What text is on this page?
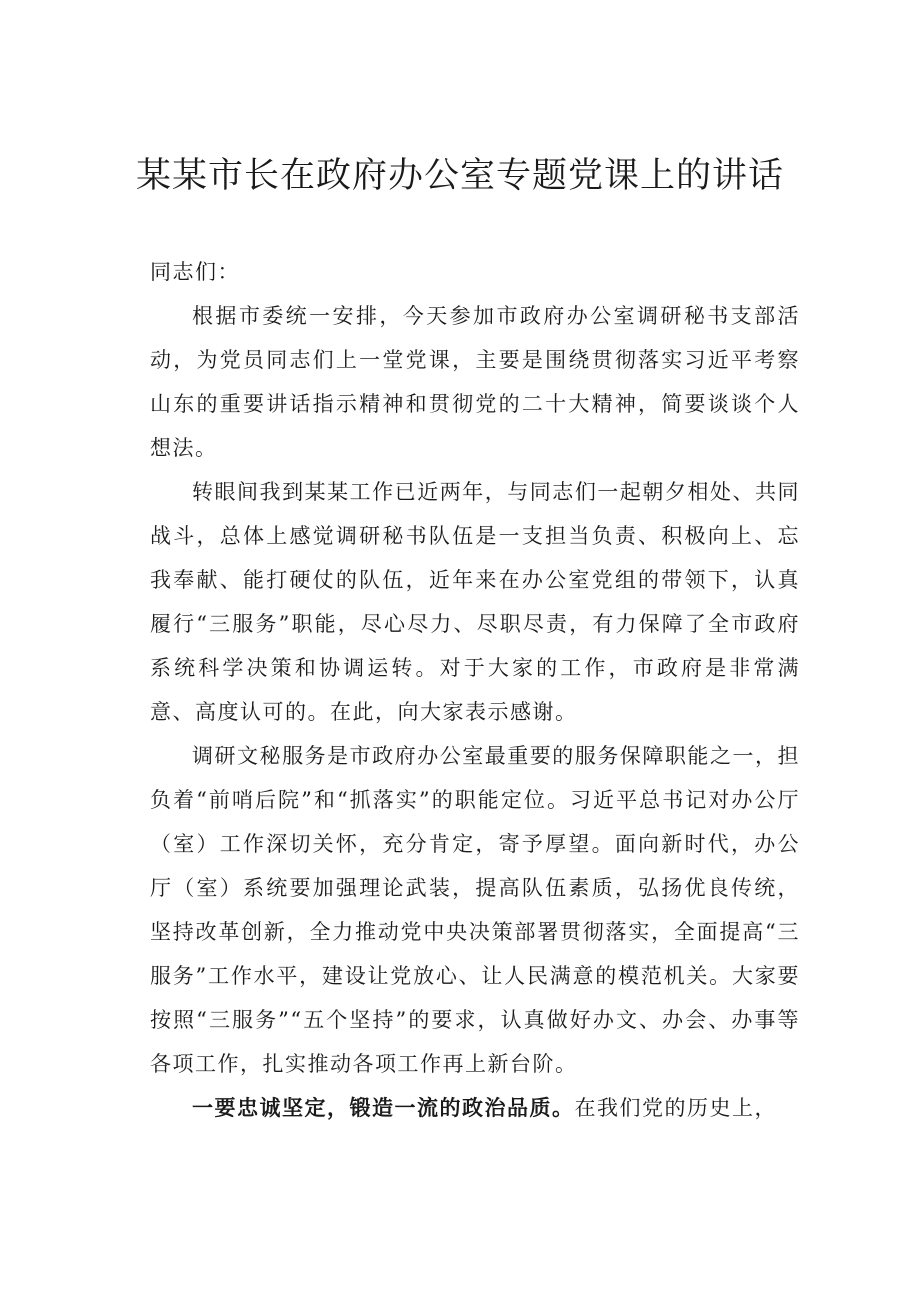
某某市长在政府办公室专题党课上的讲话

同志们：

根据市委统一安排，今天参加市政府办公室调研秘书支部活动，为党员同志们上一堂党课，主要是围绕贯彻落实习近平考察山东的重要讲话指示精神和贯彻党的二十大精神，简要谈谈个人想法。

转眼间我到某某工作已近两年，与同志们一起朝夕相处、共同战斗，总体上感觉调研秘书队伍是一支担当负责、积极向上、忘我奉献、能打硬仗的队伍，近年来在办公室党组的带领下，认真履行“三服务”职能，尽心尽力、尽职尽责，有力保障了全市政府系统科学决策和协调运转。对于大家的工作，市政府是非常满意、高度认可的。在此，向大家表示感谢。

调研文秘服务是市政府办公室最重要的服务保障职能之一，担负着“前哨后院”和“抓落实”的职能定位。习近平总书记对办公厅（室）工作深切关怀，充分肯定，寄予厚望。面向新时代，办公厅（室）系统要加强理论武装，提高队伍素质，弘扬优良传统，坚持改革创新，全力推动党中央决策部署贯彻落实，全面提高“三服务”工作水平，建设让党放心、让人民满意的模范机关。大家要按照“三服务”“五个坚持”的要求，认真做好办文、办会、办事等各项工作，扎实推动各项工作再上新台阶。

一要忠诚坚定，锻造一流的政治品质。在我们党的历史上，
